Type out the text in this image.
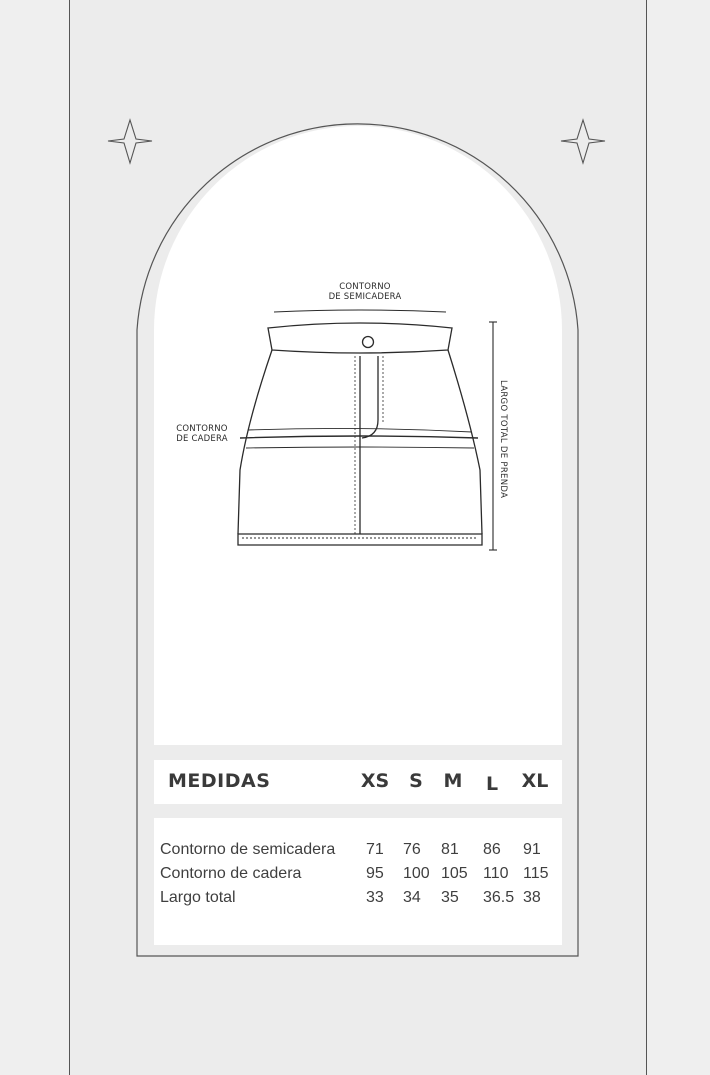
CONTORNO
DE SEMICADERA
CONTORNO
DE CADERA	LARGO TOTAL DE PRENDA
MEDIDAS	XS	S	M	L	XL
Contorno de semicadera 71	76	81	86	91
Contorno de cadera	95	100 105 110 115
Largo total	33	34	35	36.5 38
